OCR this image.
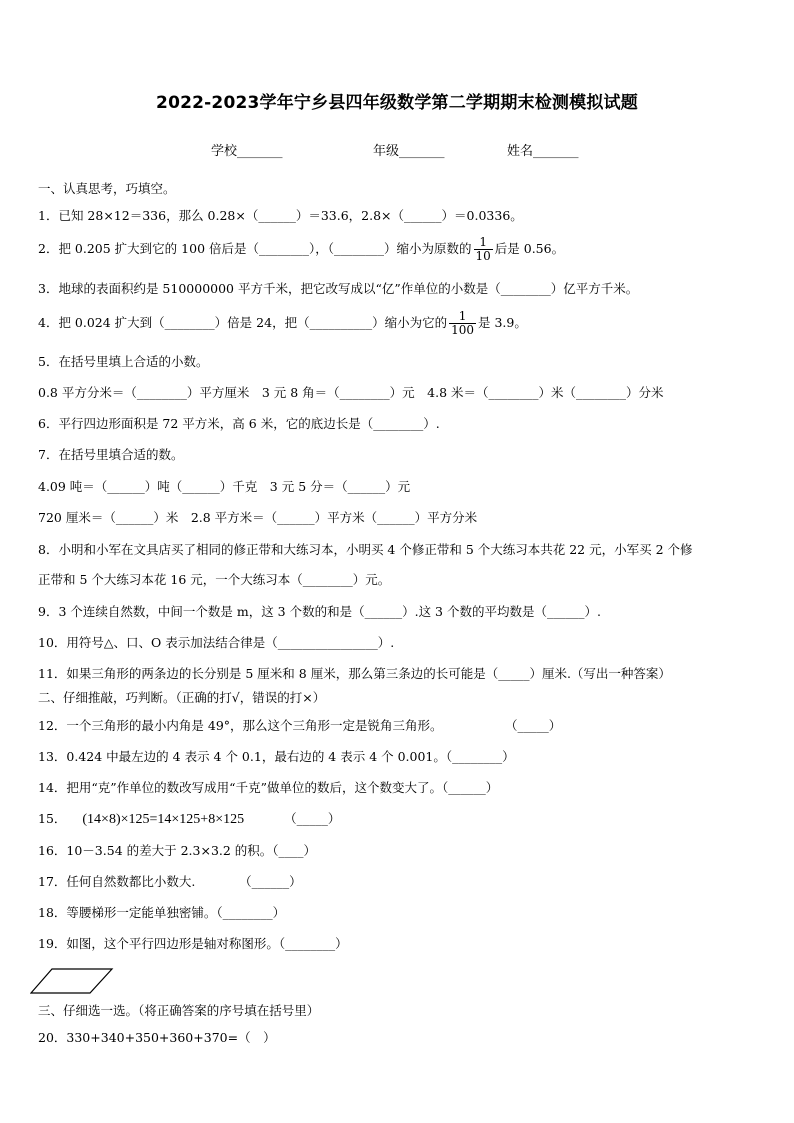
2022-2023学年宁乡县四年级数学第二学期期末检测模拟试题
学校_______	年级_______	姓名_______
一、认真思考，巧填空。
1．已知 28×12＝336，那么 0.28×（______）＝33.6，2.8×（______）＝0.0336。
2．把 0.205 扩大到它的 100 倍后是（________），（________）缩小为原数的 $\frac{1}{10}$ 后是 0.56。
3．地球的表面积约是 510000000 平方千米，把它改写成以“亿”作单位的小数是（________）亿平方千米。
4．把 0.024 扩大到（________）倍是 24，把（__________）缩小为它的 $\frac{1}{100}$ 是 3.9。
5．在括号里填上合适的小数。
0.8 平方分米＝（________）平方厘米　3 元 8 角＝（________）元　4.8 米＝（________）米（________）分米
6．平行四边形面积是 72 平方米，高 6 米，它的底边长是（________）.
7．在括号里填合适的数。
4.09 吨＝（______）吨（______）千克　3 元 5 分＝（______）元
720 厘米＝（______）米　2.8 平方米＝（______）平方米（______）平方分米
8．小明和小军在文具店买了相同的修正带和大练习本，小明买 4 个修正带和 5 个大练习本共花 22 元，小军买 2 个修
正带和 5 个大练习本花 16 元，一个大练习本（________）元。
9．3 个连续自然数，中间一个数是 m，这 3 个数的和是（______）.这 3 个数的平均数是（______）.
10．用符号△、口、O 表示加法结合律是（________________）.
11．如果三角形的两条边的长分别是 5 厘米和 8 厘米，那么第三条边的长可能是（_____）厘米.（写出一种答案）
二、仔细推敲，巧判断。（正确的打√，错误的打×）
12．一个三角形的最小内角是 49°，那么这个三角形一定是锐角三角形。　　　　　　（_____）
13．0.424 中最左边的 4 表示 4 个 0.1，最右边的 4 表示 4 个 0.001。（________）
14．把用“克”作单位的数改写成用“千克”做单位的数后，这个数变大了。（______）
15． (14×8)×125=14×125+8×125	（_____）
16．10－3.54 的差大于 2.3×3.2 的积。（____）
17．任何自然数都比小数大.　　　　（______）
18．等腰梯形一定能单独密铺。（________）
19．如图，这个平行四边形是轴对称图形。（________）
三、仔细选一选。（将正确答案的序号填在括号里）
20．330+340+350+360+370=（　）
